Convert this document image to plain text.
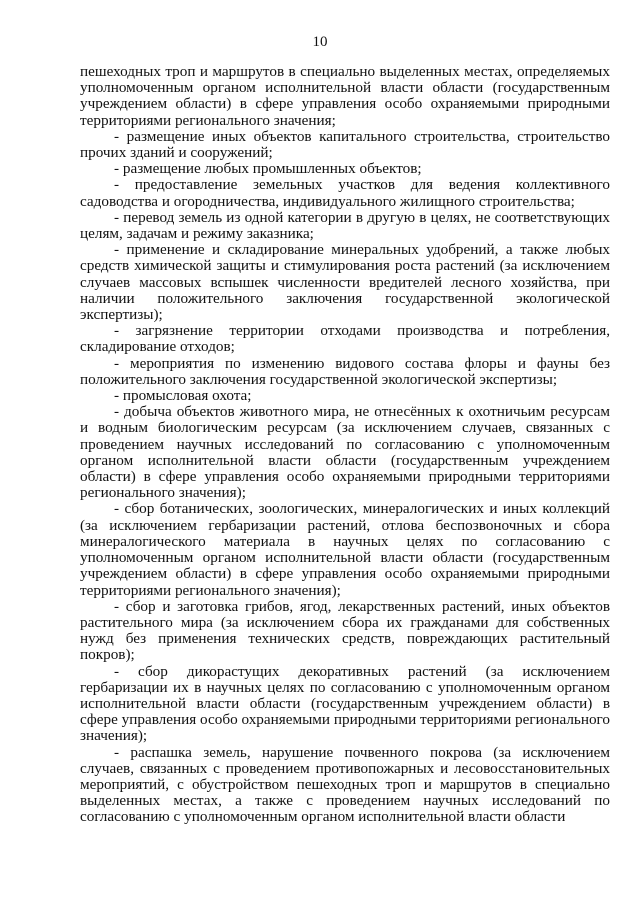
10

пешеходных троп и маршрутов в специально выделенных местах, определяемых уполномоченным органом исполнительной власти области (государственным учреждением области) в сфере управления особо охраняемыми природными территориями регионального значения;

- размещение иных объектов капитального строительства, строительство прочих зданий и сооружений;

- размещение любых промышленных объектов;

- предоставление земельных участков для ведения коллективного садоводства и огородничества, индивидуального жилищного строительства;

- перевод земель из одной категории в другую в целях, не соответствующих целям, задачам и режиму заказника;

- применение и складирование минеральных удобрений, а также любых средств химической защиты и стимулирования роста растений (за исключением случаев массовых вспышек численности вредителей лесного хозяйства, при наличии положительного заключения государственной экологической экспертизы);

- загрязнение территории отходами производства и потребления, складирование отходов;

- мероприятия по изменению видового состава флоры и фауны без положительного заключения государственной экологической экспертизы;

- промысловая охота;

- добыча объектов животного мира, не отнесённых к охотничьим ресурсам и водным биологическим ресурсам (за исключением случаев, связанных с проведением научных исследований по согласованию с уполномоченным органом исполнительной власти области (государственным учреждением области) в сфере управления особо охраняемыми природными территориями регионального значения);

- сбор ботанических, зоологических, минералогических и иных коллекций (за исключением гербаризации растений, отлова беспозвоночных и сбора минералогического материала в научных целях по согласованию с уполномоченным органом исполнительной власти области (государственным учреждением области) в сфере управления особо охраняемыми природными территориями регионального значения);

- сбор и заготовка грибов, ягод, лекарственных растений, иных объектов растительного мира (за исключением сбора их гражданами для собственных нужд без применения технических средств, повреждающих растительный покров);

- сбор дикорастущих декоративных растений (за исключением гербаризации их в научных целях по согласованию с уполномоченным органом исполнительной власти области (государственным учреждением области) в сфере управления особо охраняемыми природными территориями регионального значения);

- распашка земель, нарушение почвенного покрова (за исключением случаев, связанных с проведением противопожарных и лесовосстановительных мероприятий, с обустройством пешеходных троп и маршрутов в специально выделенных местах, а также с проведением научных исследований по согласованию с уполномоченным органом исполнительной власти области
